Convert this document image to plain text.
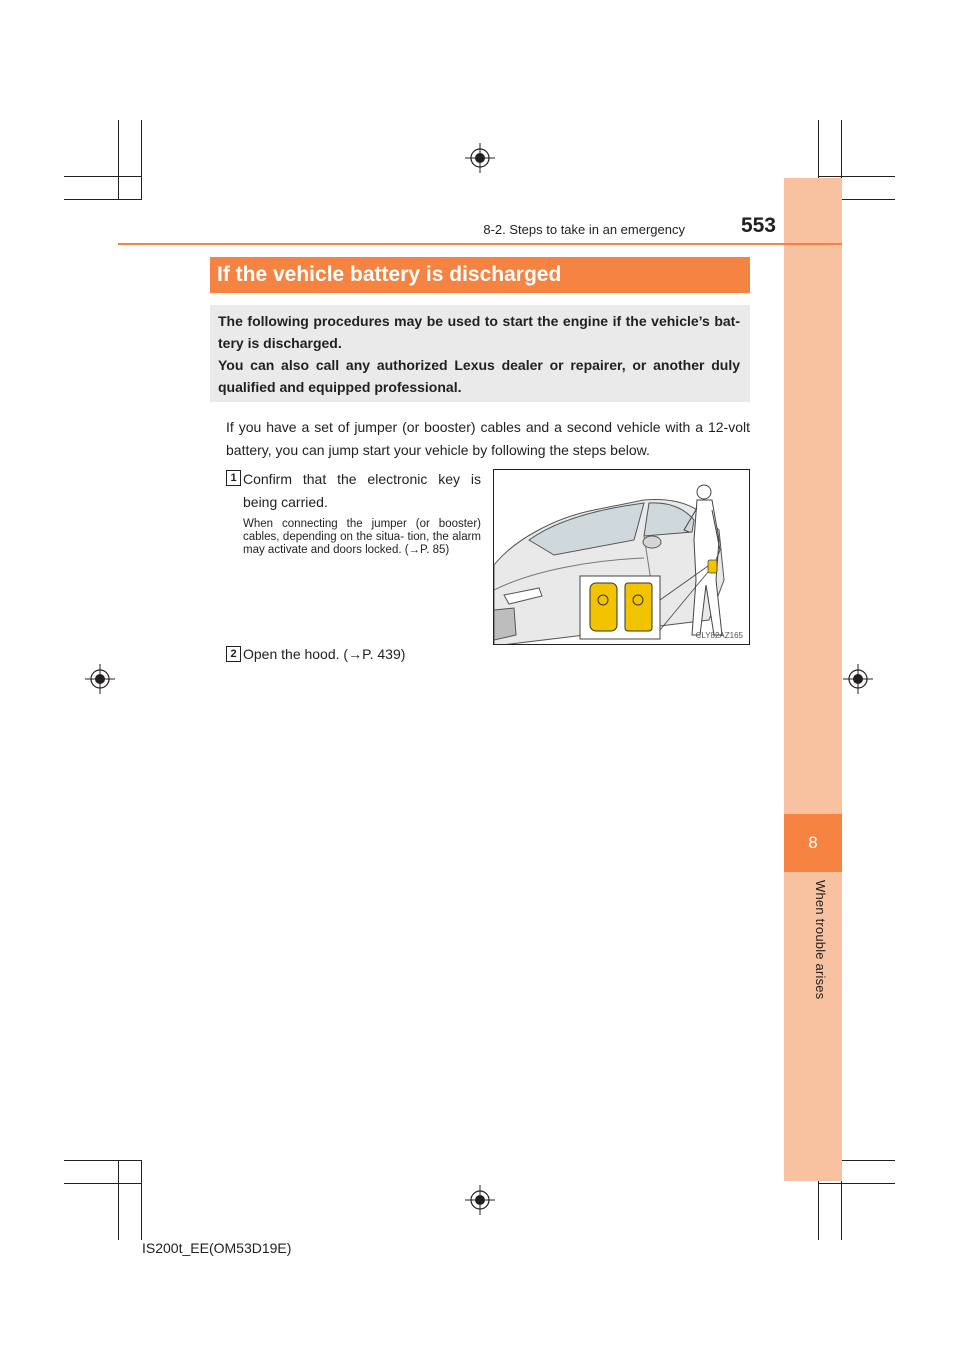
8
When trouble arises
8-2. Steps to take in an emergency	553
If the vehicle battery is discharged

The following procedures may be used to start the engine if the vehicle’s bat- tery is discharged.

You can also call any authorized Lexus dealer or repairer, or another duly qualified and equipped professional.

If you have a set of jumper (or booster) cables and a second vehicle with a 12-volt battery, you can jump start your vehicle by following the steps below.
1 Confirm that the electronic key is being carried.
When connecting the jumper (or booster) cables, depending on the situa- tion, the alarm may activate and doors locked. (→P. 85)
2 Open the hood. (→P. 439)
CLY82AZ165
IS200t_EE(OM53D19E)
